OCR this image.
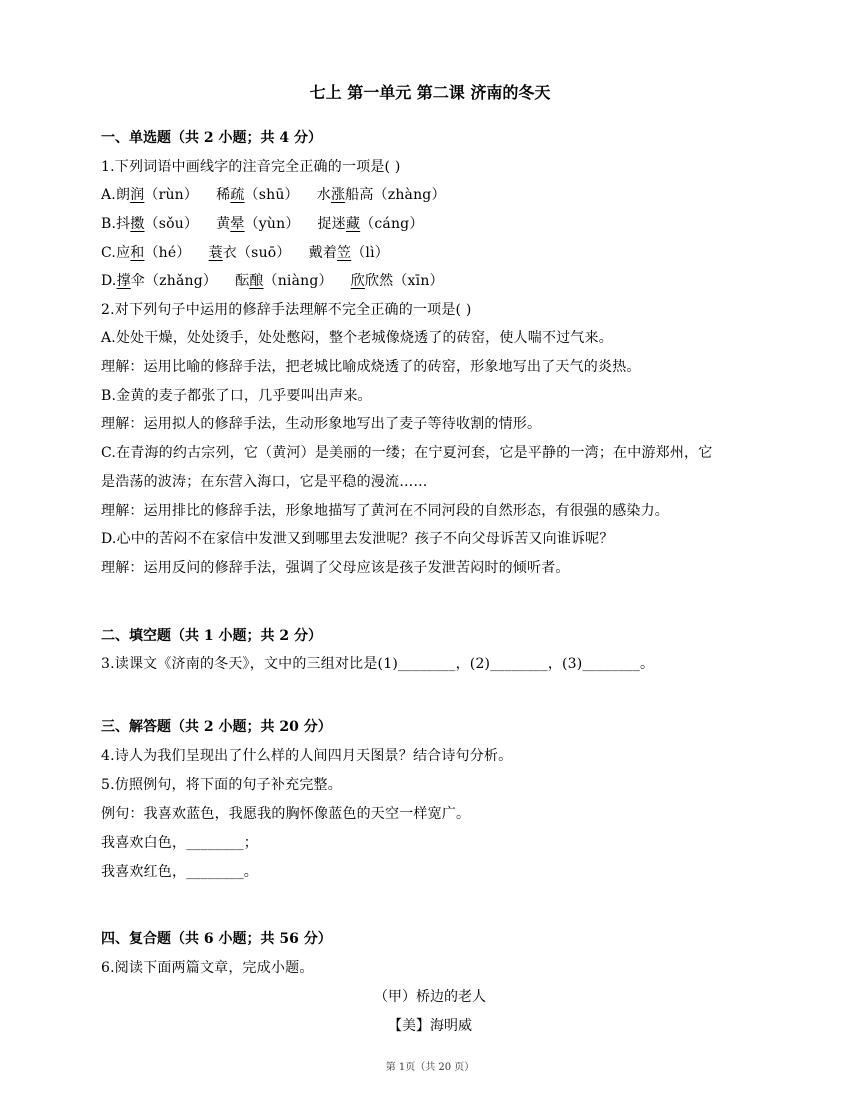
七上 第一单元 第二课 济南的冬天
一、单选题（共 2 小题；共 4 分）
1.下列词语中画线字的注音完全正确的一项是( )
A.朗润（rùn） 稀疏（shū） 水涨船高（zhàng）
B.抖擞（sǒu） 黄晕（yùn） 捉迷藏（cáng）
C.应和（hé） 蓑衣（suō） 戴着笠（lì）
D.撑伞（zhǎng） 酝酿（niàng） 欣欣然（xīn）
2.对下列句子中运用的修辞手法理解不完全正确的一项是( )
A.处处干燥，处处烫手，处处憋闷，整个老城像烧透了的砖窑，使人喘不过气来。
理解：运用比喻的修辞手法，把老城比喻成烧透了的砖窑，形象地写出了天气的炎热。
B.金黄的麦子都张了口，几乎要叫出声来。
理解：运用拟人的修辞手法，生动形象地写出了麦子等待收割的情形。
C.在青海的约古宗列，它（黄河）是美丽的一缕；在宁夏河套，它是平静的一湾；在中游郑州，它
是浩荡的波涛；在东营入海口，它是平稳的漫流……
理解：运用排比的修辞手法，形象地描写了黄河在不同河段的自然形态，有很强的感染力。
D.心中的苦闷不在家信中发泄又到哪里去发泄呢？孩子不向父母诉苦又向谁诉呢？
理解：运用反问的修辞手法，强调了父母应该是孩子发泄苦闷时的倾听者。
二、填空题（共 1 小题；共 2 分）
3.读课文《济南的冬天》，文中的三组对比是(1)________，(2)________，(3)________。
三、解答题（共 2 小题；共 20 分）
4.诗人为我们呈现出了什么样的人间四月天图景？结合诗句分析。
5.仿照例句，将下面的句子补充完整。
例句：我喜欢蓝色，我愿我的胸怀像蓝色的天空一样宽广。
我喜欢白色，________；
我喜欢红色，________。
四、复合题（共 6 小题；共 56 分）
6.阅读下面两篇文章，完成小题。
（甲）桥边的老人
【美】海明威
第 1页（共 20 页）
